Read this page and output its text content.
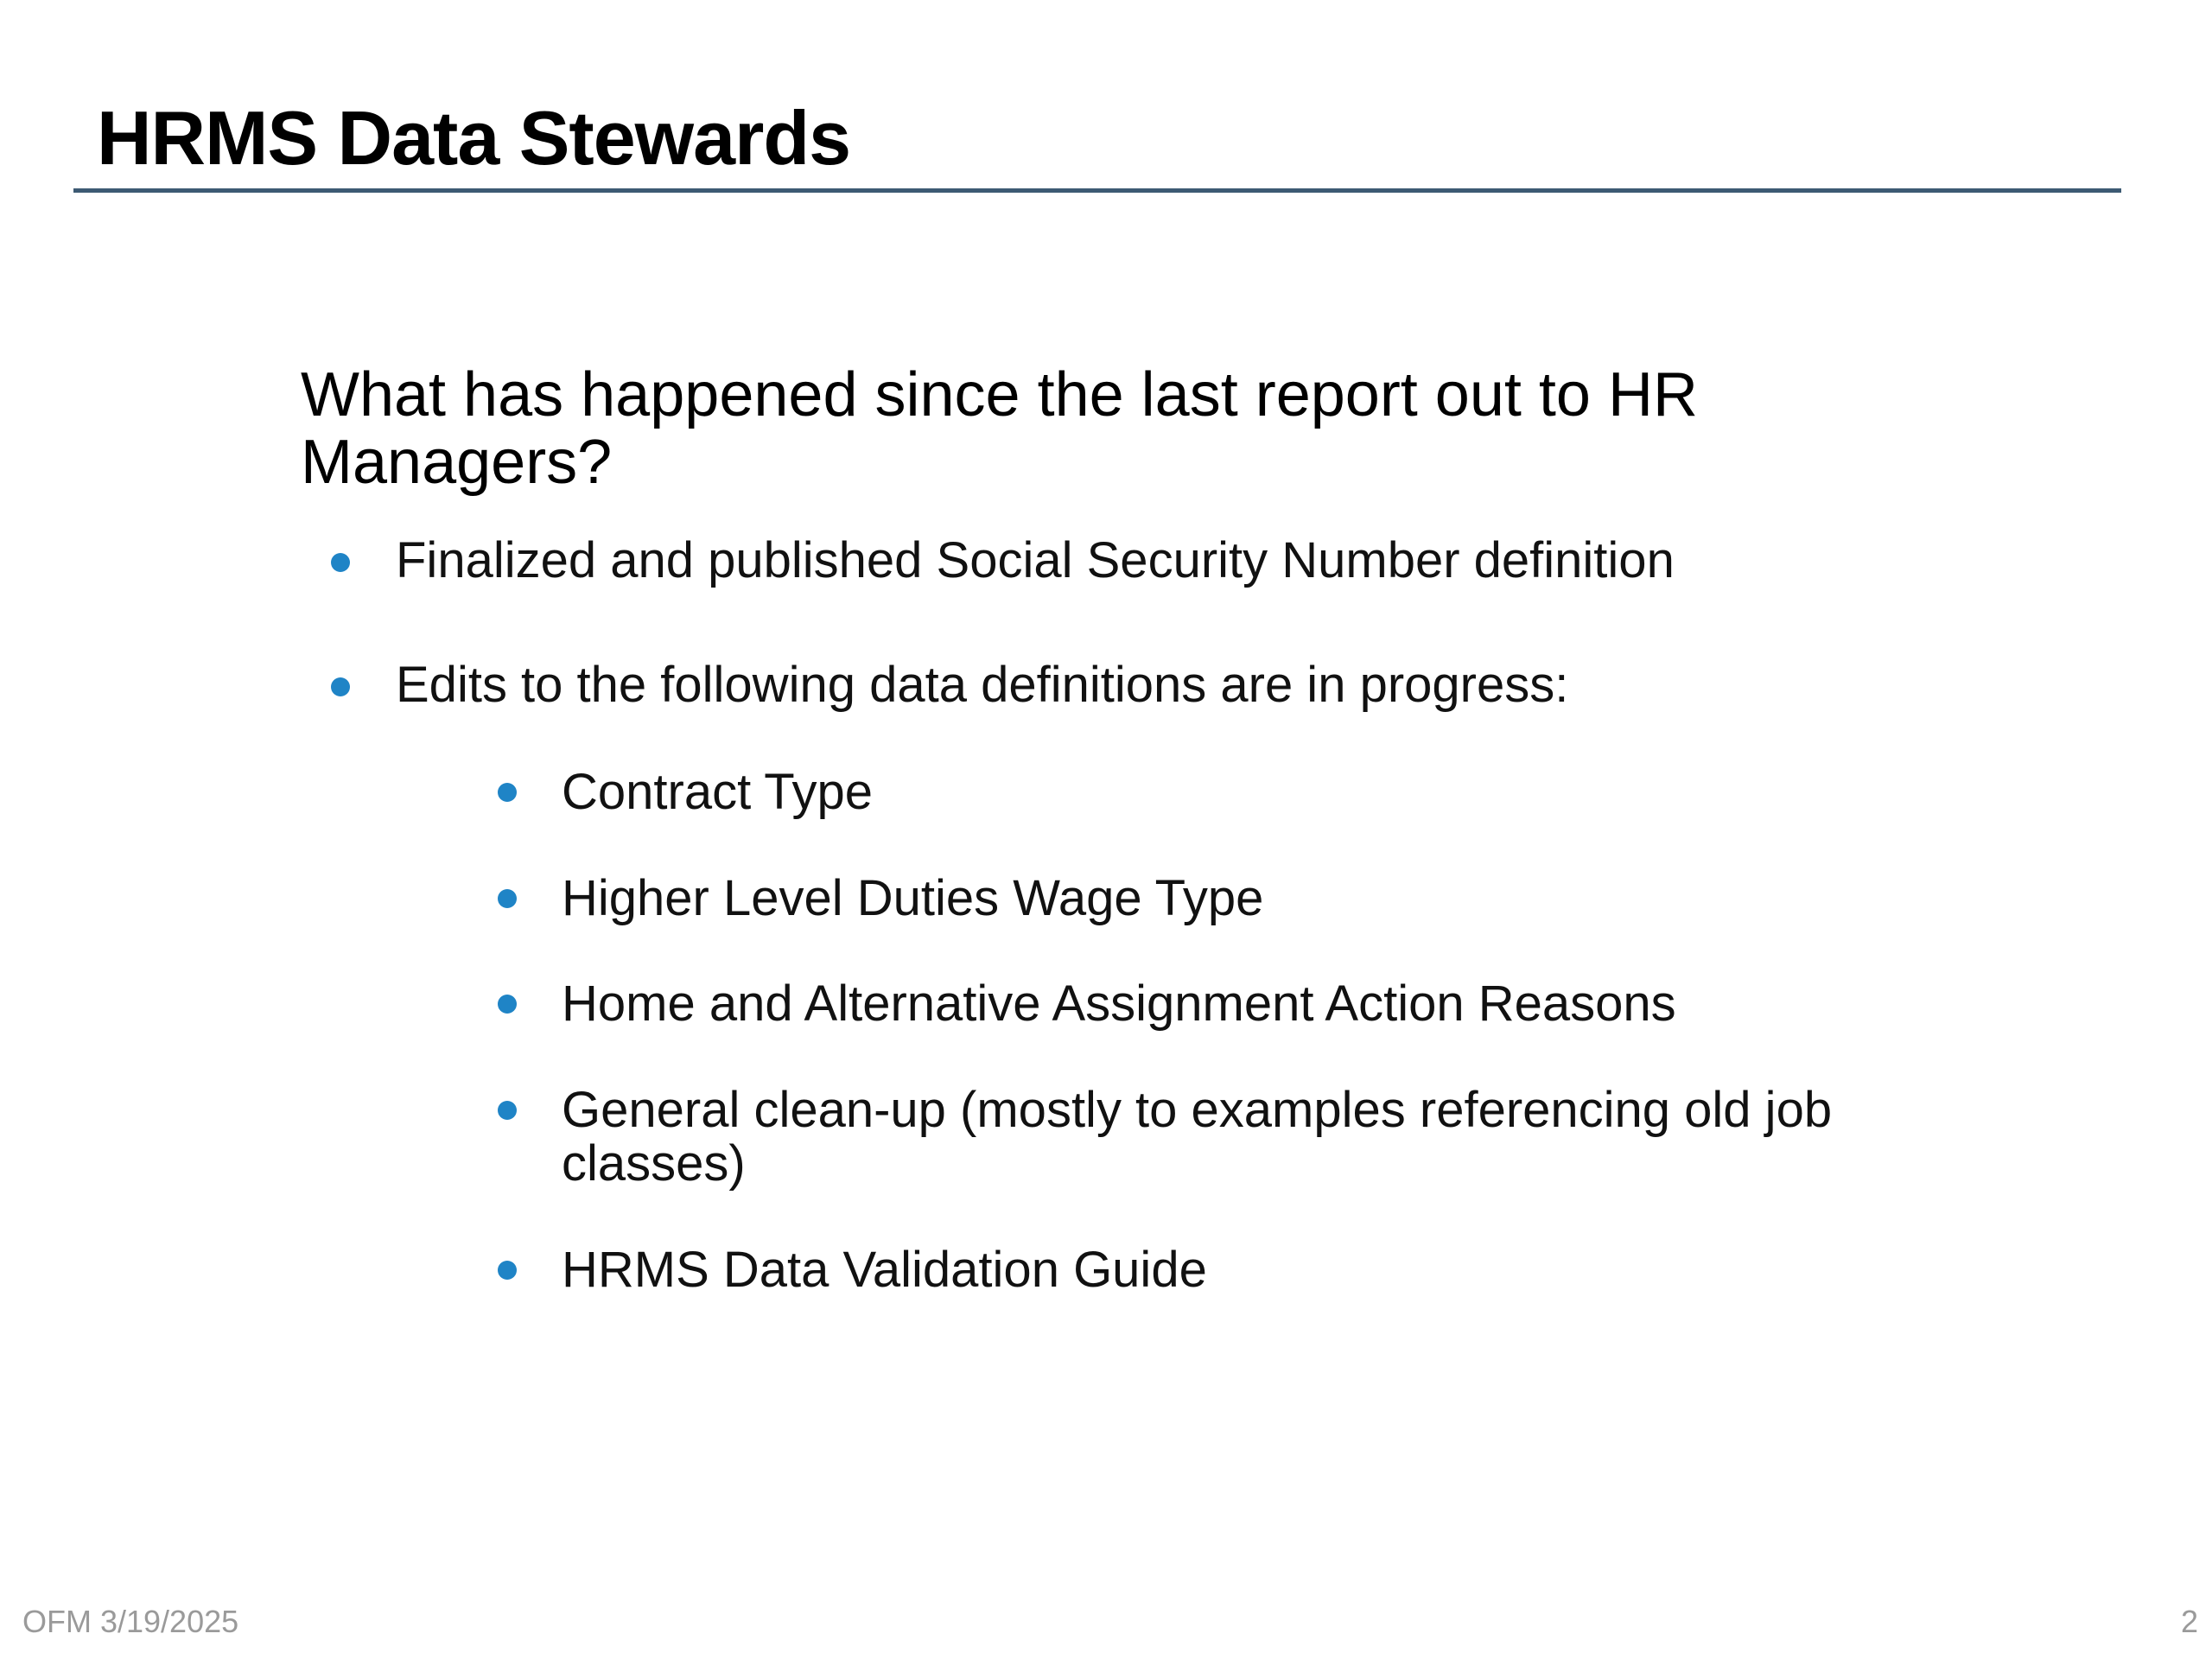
HRMS Data Stewards
What has happened since the last report out to HR Managers?
Finalized and published Social Security Number definition
Edits to the following data definitions are in progress:
Contract Type
Higher Level Duties Wage Type
Home and Alternative Assignment Action Reasons
General clean-up (mostly to examples referencing old job classes)
HRMS Data Validation Guide
OFM 3/19/2025	2
